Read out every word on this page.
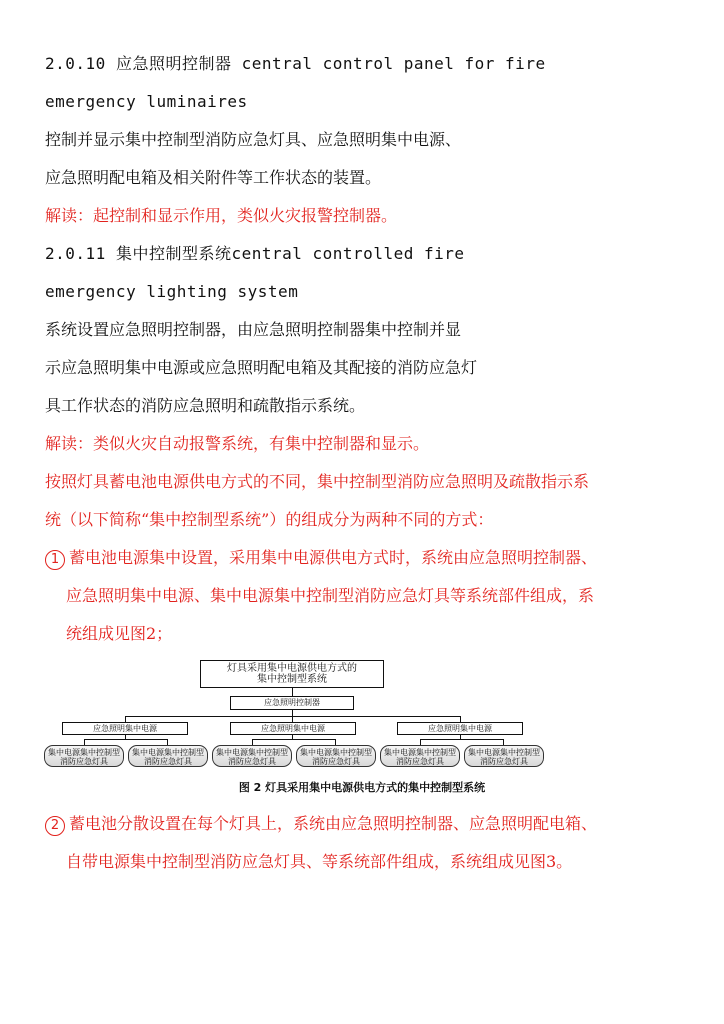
2.0.10 应急照明控制器 central control panel for fire
emergency luminaires
控制并显示集中控制型消防应急灯具、应急照明集中电源、
应急照明配电箱及相关附件等工作状态的装置。
解读：起控制和显示作用，类似火灾报警控制器。
2.0.11 集中控制型系统central controlled fire
emergency lighting system
系统设置应急照明控制器，由应急照明控制器集中控制并显
示应急照明集中电源或应急照明配电箱及其配接的消防应急灯
具工作状态的消防应急照明和疏散指示系统。
解读：类似火灾自动报警系统，有集中控制器和显示。
按照灯具蓄电池电源供电方式的不同，集中控制型消防应急照明及疏散指示系
统（以下简称“集中控制型系统”）的组成分为两种不同的方式：
1 蓄电池电源集中设置，采用集中电源供电方式时，系统由应急照明控制器、
应急照明集中电源、集中电源集中控制型消防应急灯具等系统部件组成，系
统组成见图2；
灯具采用集中电源供电方式的
集中控制型系统
应急照明控制器
应急照明集中电源	应急照明集中电源	应急照明集中电源
集中电源集中控制型
消防应急灯具
集中电源集中控制型
消防应急灯具
集中电源集中控制型
消防应急灯具
集中电源集中控制型
消防应急灯具
集中电源集中控制型
消防应急灯具
集中电源集中控制型
消防应急灯具
图 2 灯具采用集中电源供电方式的集中控制型系统
2 蓄电池分散设置在每个灯具上，系统由应急照明控制器、应急照明配电箱、
自带电源集中控制型消防应急灯具、等系统部件组成，系统组成见图3。
